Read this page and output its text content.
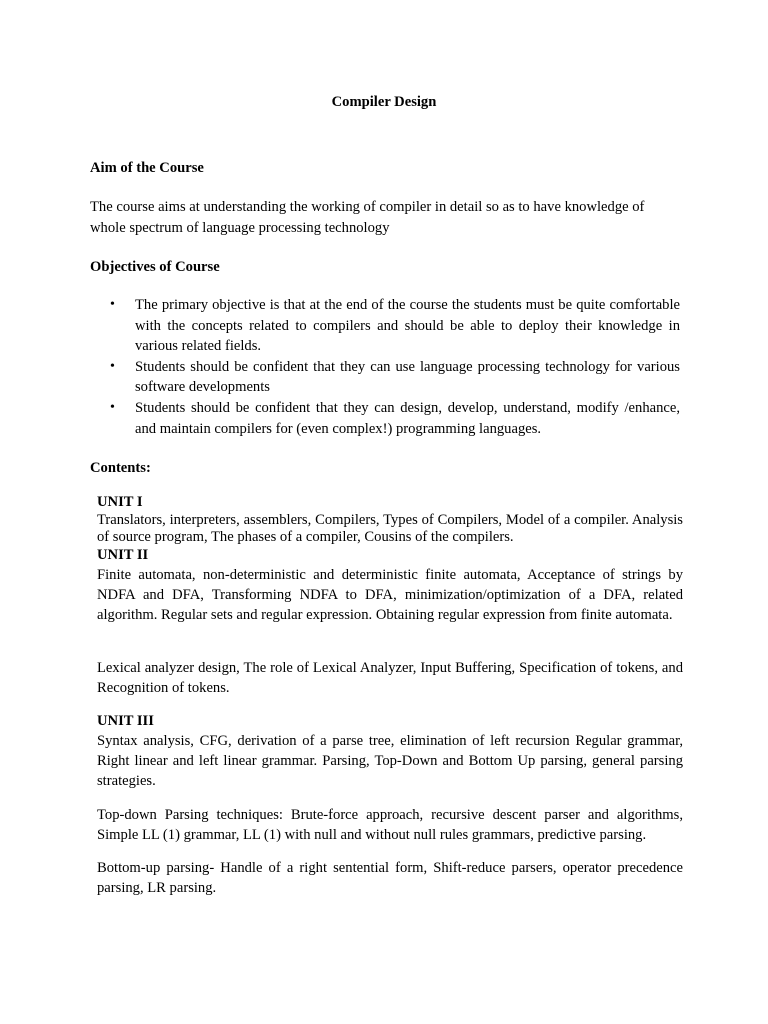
Compiler Design
Aim of the Course
The course aims at understanding the working of compiler in detail so as to have knowledge of whole spectrum of language processing technology
Objectives of Course
• The primary objective is that at the end of the course the students must be quite comfortable with the concepts related to compilers and should be able to deploy their knowledge in various related fields.
• Students should be confident that they can use language processing technology for various software developments
• Students should be confident that they can design, develop, understand, modify /enhance, and maintain compilers for (even complex!) programming languages.
Contents:
UNIT I
Translators, interpreters, assemblers, Compilers, Types of Compilers, Model of a compiler. Analysis of source program, The phases of a compiler, Cousins of the compilers.
UNIT II
Finite automata, non-deterministic and deterministic finite automata, Acceptance of strings by NDFA and DFA, Transforming NDFA to DFA, minimization/optimization of a DFA, related algorithm. Regular sets and regular expression. Obtaining regular expression from finite automata.
Lexical analyzer design, The role of Lexical Analyzer, Input Buffering, Specification of tokens, and Recognition of tokens.
UNIT III
Syntax analysis, CFG, derivation of a parse tree, elimination of left recursion Regular grammar, Right linear and left linear grammar. Parsing, Top-Down and Bottom Up parsing, general parsing strategies.
Top-down Parsing techniques: Brute-force approach, recursive descent parser and algorithms, Simple LL (1) grammar, LL (1) with null and without null rules grammars, predictive parsing.
Bottom-up parsing- Handle of a right sentential form, Shift-reduce parsers, operator precedence parsing, LR parsing.
